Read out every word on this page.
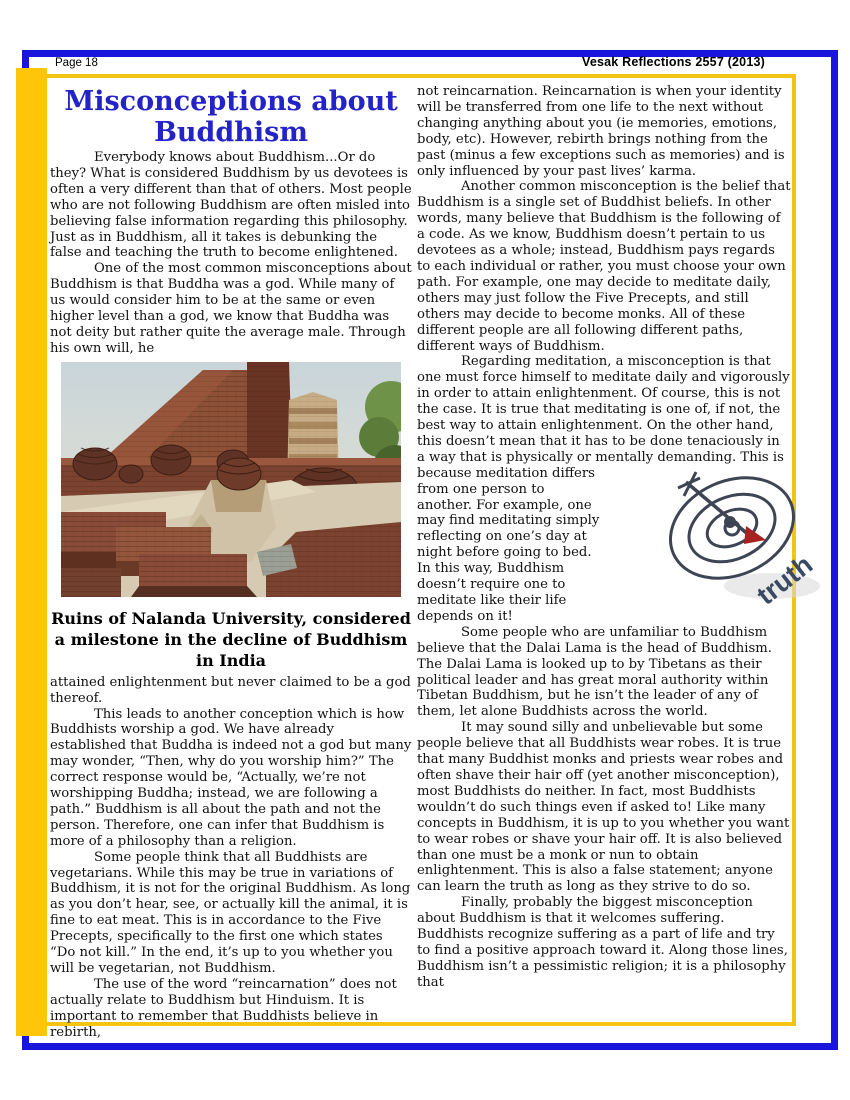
Page 18	Vesak Reflections 2557 (2013)
Misconceptions about Buddhism

Everybody knows about Buddhism...Or do they? What is considered Buddhism by us devotees is often a very different than that of others. Most people who are not following Buddhism are often misled into believing false information regarding this philosophy. Just as in Buddhism, all it takes is debunking the false and teaching the truth to become enlightened.

One of the most common misconceptions about Buddhism is that Buddha was a god. While many of us would consider him to be at the same or even higher level than a god, we know that Buddha was not deity but rather quite the average male. Through his own will, he

Ruins of Nalanda University, considered a milestone in the decline of Buddhism in India

attained enlightenment but never claimed to be a god thereof.

This leads to another conception which is how Buddhists worship a god. We have already established that Buddha is indeed not a god but many may wonder, “Then, why do you worship him?” The correct response would be, “Actually, we’re not worshipping Buddha; instead, we are following a path.” Buddhism is all about the path and not the person. Therefore, one can infer that Buddhism is more of a philosophy than a religion.

Some people think that all Buddhists are vegetarians. While this may be true in variations of Buddhism, it is not for the original Buddhism. As long as you don’t hear, see, or actually kill the animal, it is fine to eat meat. This is in accordance to the Five Precepts, specifically to the first one which states “Do not kill.” In the end, it’s up to you whether you will be vegetarian, not Buddhism.

The use of the word “reincarnation” does not actually relate to Buddhism but Hinduism. It is important to remember that Buddhists believe in rebirth,

not reincarnation. Reincarnation is when your identity will be transferred from one life to the next without changing anything about you (ie memories, emotions, body, etc). However, rebirth brings nothing from the past (minus a few exceptions such as memories) and is only influenced by your past lives’ karma.

Another common misconception is the belief that Buddhism is a single set of Buddhist beliefs. In other words, many believe that Buddhism is the following of a code. As we know, Buddhism doesn’t pertain to us devotees as a whole; instead, Buddhism pays regards to each individual or rather, you must choose your own path. For example, one may decide to meditate daily, others may just follow the Five Precepts, and still others may decide to become monks. All of these different people are all following different paths, different ways of Buddhism.

Regarding meditation, a misconception is that one must force himself to meditate daily and vigorously in order to attain enlightenment. Of course, this is not the case. It is true that meditating is one of, if not, the best way to attain enlightenment. On the other hand, this doesn’t mean that it has to be done tenaciously in a way that is physically or mentally demanding. This is because meditation
truth
differs from one person to another. For example, one may find meditating simply reflecting on one’s day at night before going to bed. In this way, Buddhism doesn’t require one to meditate like their life depends on it!

Some people who are unfamiliar to Buddhism believe that the Dalai Lama is the head of Buddhism. The Dalai Lama is looked up to by Tibetans as their political leader and has great moral authority within Tibetan Buddhism, but he isn’t the leader of any of them, let alone Buddhists across the world.

It may sound silly and unbelievable but some people believe that all Buddhists wear robes. It is true that many Buddhist monks and priests wear robes and often shave their hair off (yet another misconception), most Buddhists do neither. In fact, most Buddhists wouldn’t do such things even if asked to! Like many concepts in Buddhism, it is up to you whether you want to wear robes or shave your hair off. It is also believed than one must be a monk or nun to obtain enlightenment. This is also a false statement; anyone can learn the truth as long as they strive to do so.

Finally, probably the biggest misconception about Buddhism is that it welcomes suffering. Buddhists recognize suffering as a part of life and try to find a positive approach toward it. Along those lines, Buddhism isn’t a pessimistic religion; it is a philosophy that
